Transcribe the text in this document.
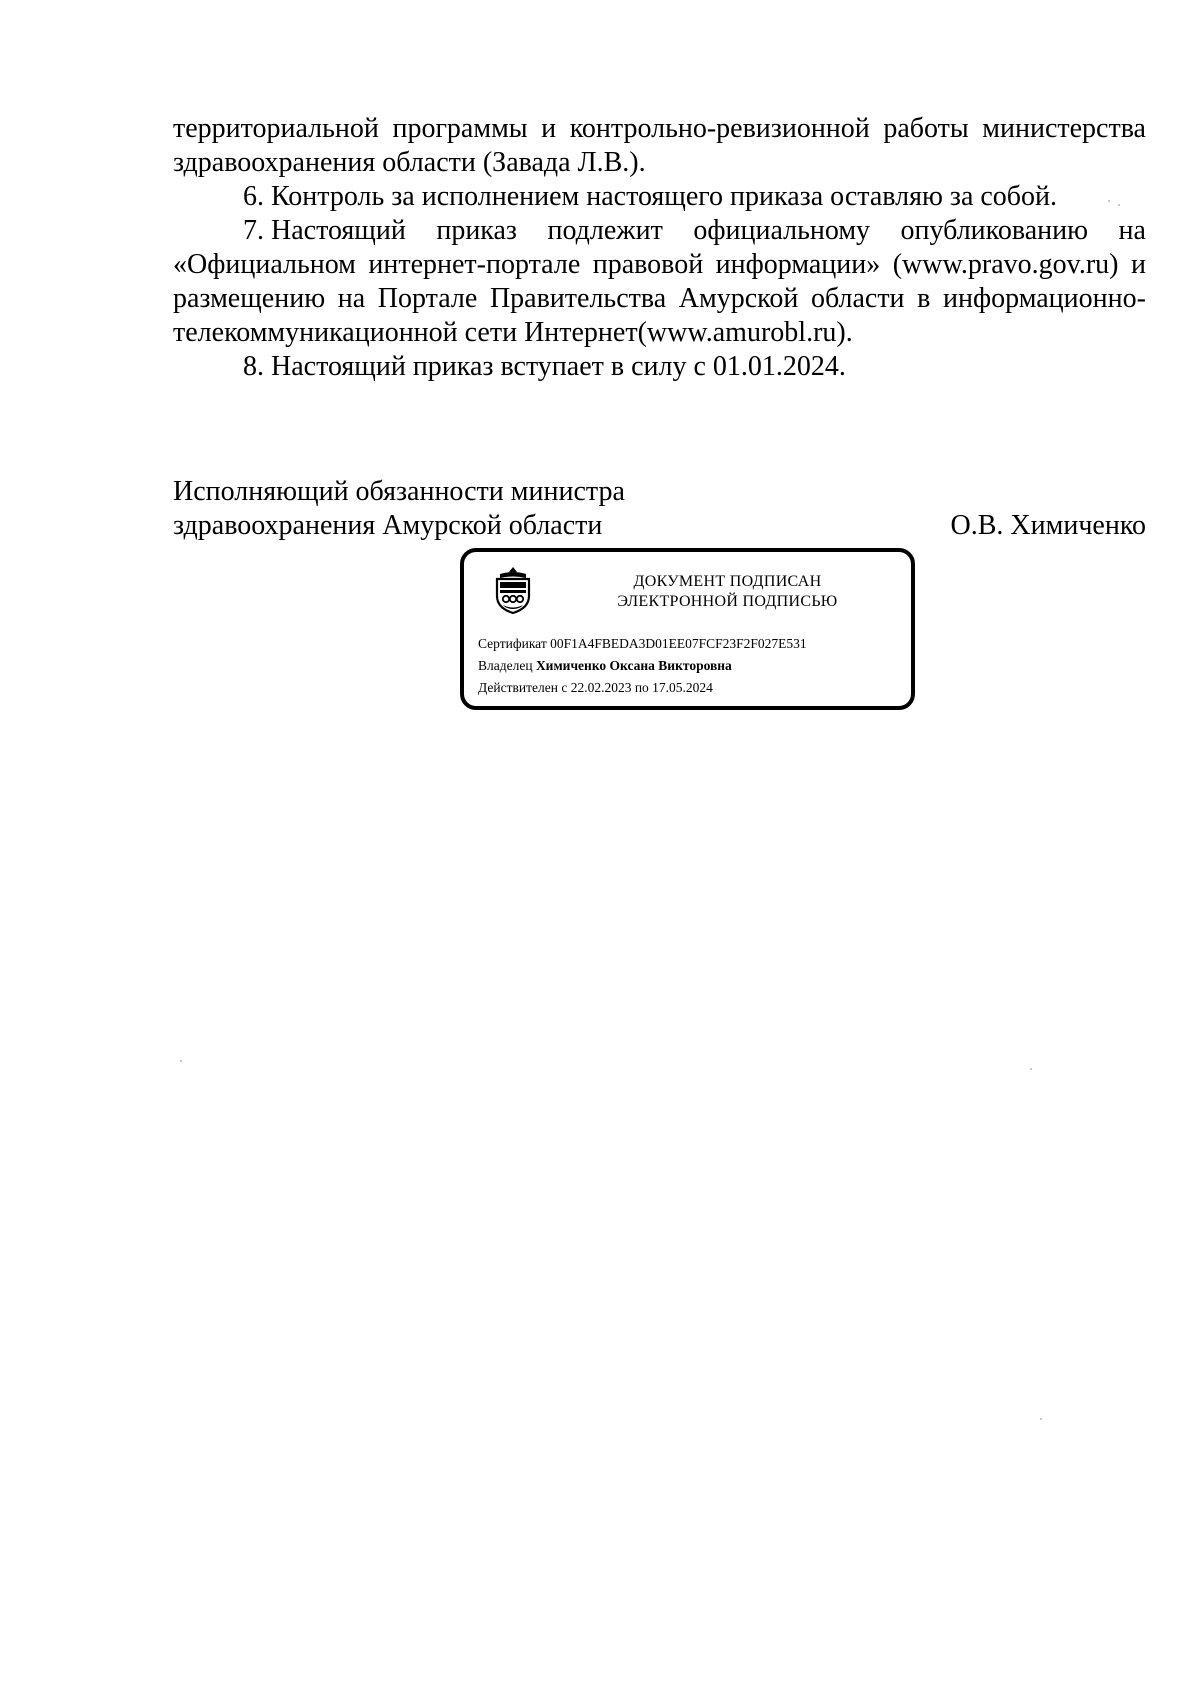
территориальной программы и контрольно-ревизионной работы министерства
здравоохранения области (Завада Л.В.).
6. Контроль за исполнением настоящего приказа оставляю за собой.
7. Настоящий приказ подлежит официальному опубликованию на
«Официальном интернет-портале правовой информации» (www.pravo.gov.ru) и
размещению на Портале Правительства Амурской области в информационно-
телекоммуникационной сети Интернет(www.amurobl.ru).
8. Настоящий приказ вступает в силу с 01.01.2024.
Исполняющий обязанности министра
здравоохранения Амурской области	О.В. Химиченко
ДОКУМЕНТ ПОДПИСАН
ЭЛЕКТРОННОЙ ПОДПИСЬЮ
Сертификат 00F1A4FBEDA3D01EE07FCF23F2F027E531
Владелец Химиченко Оксана Викторовна
Действителен с 22.02.2023 по 17.05.2024
